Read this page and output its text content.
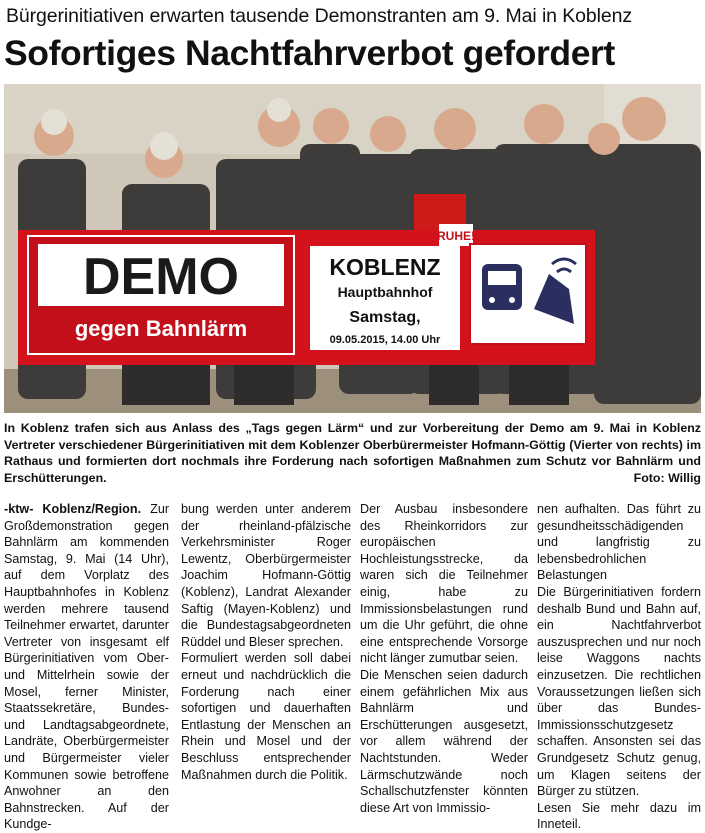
Bürgerinitiativen erwarten tausende Demonstranten am 9. Mai in Koblenz
Sofortiges Nachtfahrverbot gefordert
DEMO
gegen Bahnlärm
RUHE!
KOBLENZ
Hauptbahnhof
Samstag,
09.05.2015, 14.00 Uhr
In Koblenz trafen sich aus Anlass des „Tags gegen Lärm“ und zur Vorbereitung der Demo am 9. Mai in Koblenz Vertreter verschiedener Bürgerinitiativen mit dem Koblenzer Oberbürermeister Hofmann-Göttig (Vierter von rechts) im Rathaus und formierten dort nochmals ihre Forderung nach sofortigen Maßnahmen zum Schutz vor Bahnlärm und Erschütterungen.	Foto: Willig

-ktw- Koblenz/Region. Zur Großdemonstration gegen Bahnlärm am kommenden Samstag, 9. Mai (14 Uhr), auf dem Vorplatz des Hauptbahnhofes in Koblenz werden mehrere tausend Teilnehmer erwartet, darunter Vertreter von insgesamt elf Bürgerinitiativen vom Ober- und Mittelrhein sowie der Mosel, ferner Minister, Staatssekretäre, Bundes- und Landtagsabgeordnete, Landräte, Oberbürgermeister und Bürgermeister vieler Kommunen sowie betroffene Anwohner an den Bahnstrecken. Auf der Kundge-

bung werden unter anderem der rheinland-pfälzische Verkehrsminister Roger Lewentz, Oberbürgermeister Joachim Hofmann-Göttig (Koblenz), Landrat Alexander Saftig (Mayen-Koblenz) und die Bundestagsabgeordneten Rüddel und Bleser sprechen.

Formuliert werden soll dabei erneut und nachdrücklich die Forderung nach einer sofortigen und dauerhaften Entlastung der Menschen an Rhein und Mosel und der Beschluss entsprechender Maßnahmen durch die Politik.

Der Ausbau insbesondere des Rheinkorridors zur europäischen Hochleistungsstrecke, da waren sich die Teilnehmer einig, habe zu Immissionsbelastungen rund um die Uhr geführt, die ohne eine entsprechende Vorsorge nicht länger zumutbar seien.

Die Menschen seien dadurch einem gefährlichen Mix aus Bahnlärm und Erschütterungen ausgesetzt, vor allem während der Nachtstunden. Weder Lärmschutzwände noch Schallschutzfenster könnten diese Art von Immissio-

nen aufhalten. Das führt zu gesundheitsschädigenden und langfristig zu lebensbedrohlichen Belastungen

Die Bürgerinitiativen fordern deshalb Bund und Bahn auf, ein Nachtfahrverbot auszusprechen und nur noch leise Waggons nachts einzusetzen. Die rechtlichen Voraussetzungen ließen sich über das Bundes-Immissionsschutzgesetz schaffen. Ansonsten sei das Grundgesetz Schutz genug, um Klagen seitens der Bürger zu stützen.

Lesen Sie mehr dazu im Inneteil.
